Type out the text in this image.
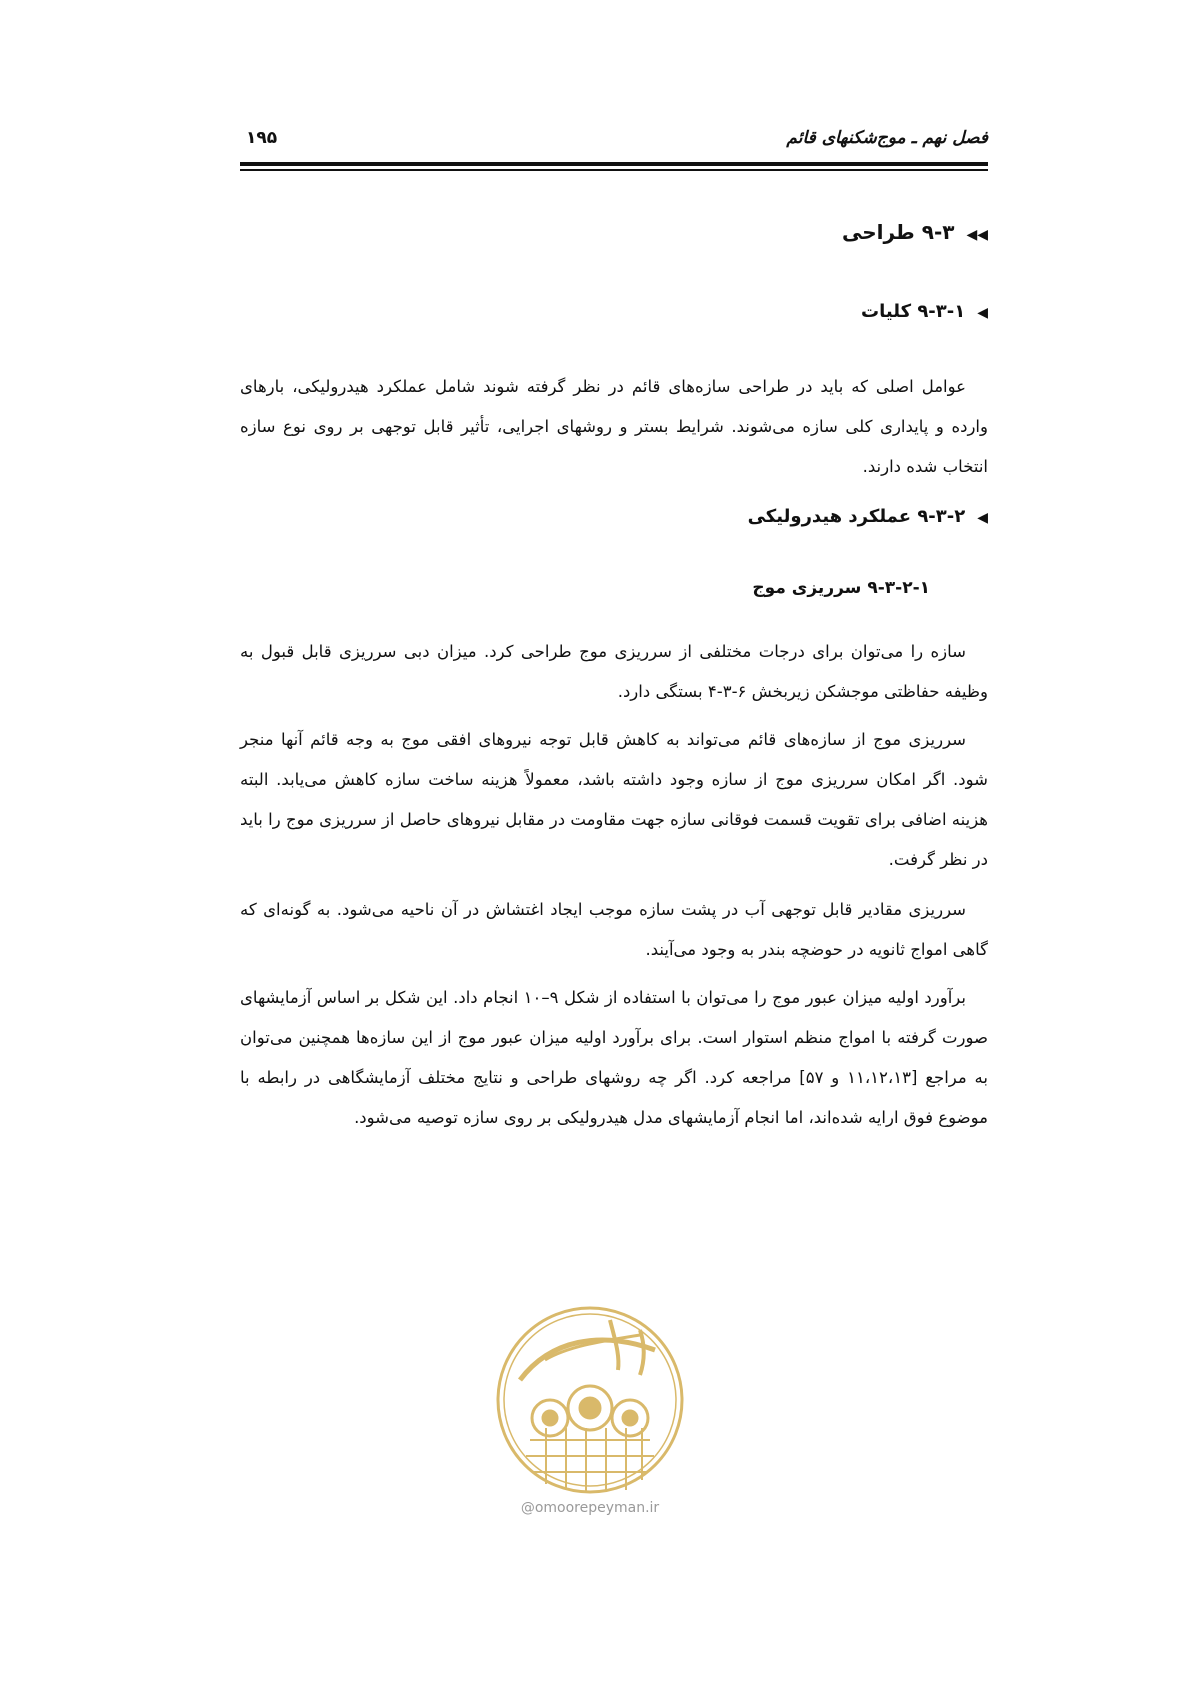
فصل نهم ـ موج‌شکنهای قائم
۱۹۵
◀◀۹-۳ طراحی
◀۹-۳-۱ کلیات

عوامل اصلی که باید در طراحی سازه‌های قائم در نظر گرفته شوند شامل عملکرد هیدرولیکی، بارهای وارده و پایداری کلی سازه می‌شوند. شرایط بستر و روشهای اجرایی، تأثیر قابل توجهی بر روی نوع سازه انتخاب شده دارند.

◀۹-۳-۲ عملکرد هیدرولیکی
۹-۳-۲-۱ سرریزی موج

سازه را می‌توان برای درجات مختلفی از سرریزی موج طراحی کرد. میزان دبی سرریزی قابل قبول به وظیفه حفاظتی موجشکن زیربخش ۶-۳-۴ بستگی دارد.

سرریزی موج از سازه‌های قائم می‌تواند به کاهش قابل توجه نیروهای افقی موج به وجه قائم آنها منجر شود. اگر امکان سرریزی موج از سازه وجود داشته باشد، معمولاً هزینه ساخت سازه کاهش می‌یابد. البته هزینه اضافی برای تقویت قسمت فوقانی سازه جهت مقاومت در مقابل نیروهای حاصل از سرریزی موج را باید در نظر گرفت.

سرریزی مقادیر قابل توجهی آب در پشت سازه موجب ایجاد اغتشاش در آن ناحیه می‌شود. به گونه‌ای که گاهی امواج ثانویه در حوضچه بندر به وجود می‌آیند.

برآورد اولیه میزان عبور موج را می‌توان با استفاده از شکل ۹–۱۰ انجام داد. این شکل بر اساس آزمایشهای صورت گرفته با امواج منظم استوار است. برای برآورد اولیه میزان عبور موج از این سازه‌ها همچنین می‌توان به مراجع [۱۱،۱۲،۱۳ و ۵۷] مراجعه کرد. اگر چه روشهای طراحی و نتایج مختلف آزمایشگاهی در رابطه با موضوع فوق ارایه شده‌اند، اما انجام آزمایشهای مدل هیدرولیکی بر روی سازه توصیه می‌شود.

@omoorepeyman.ir
